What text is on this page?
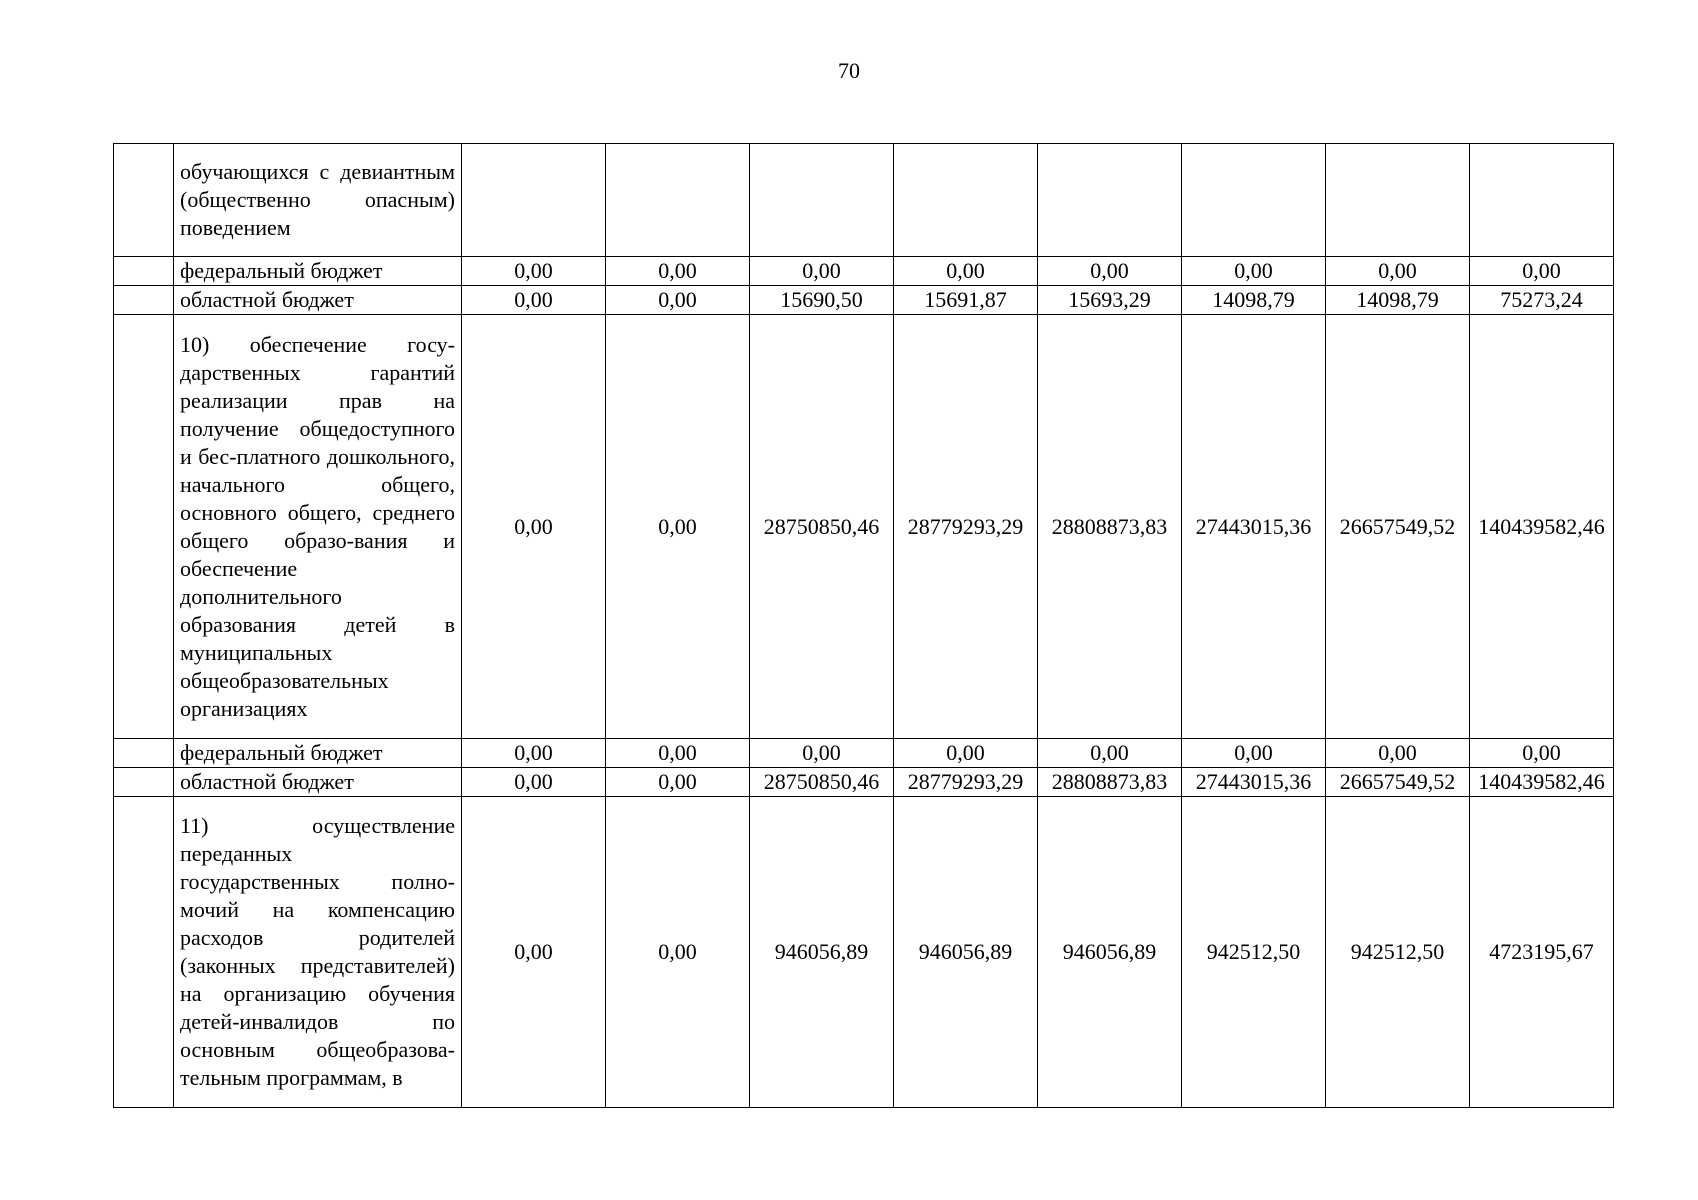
70
	обучающихся с девиантным (общественно опасным) поведением								
	федеральный бюджет	0,00	0,00	0,00	0,00	0,00	0,00	0,00	0,00
	областной бюджет	0,00	0,00	15690,50	15691,87	15693,29	14098,79	14098,79	75273,24
	10) обеспечение госу-дарственных гарантий реализации прав на получение общедоступного и бес-платного дошкольного, начального общего, основного общего, среднего общего образо-вания и обеспечение дополнительного образования детей в муниципальных общеобразовательных организациях	0,00	0,00	28750850,46	28779293,29	28808873,83	27443015,36	26657549,52	140439582,46
	федеральный бюджет	0,00	0,00	0,00	0,00	0,00	0,00	0,00	0,00
	областной бюджет	0,00	0,00	28750850,46	28779293,29	28808873,83	27443015,36	26657549,52	140439582,46
	11) осуществление переданных государственных полно-мочий на компенсацию расходов родителей (законных представителей) на организацию обучения детей-инвалидов по основным общеобразова-тельным программам, в	0,00	0,00	946056,89	946056,89	946056,89	942512,50	942512,50	4723195,67
